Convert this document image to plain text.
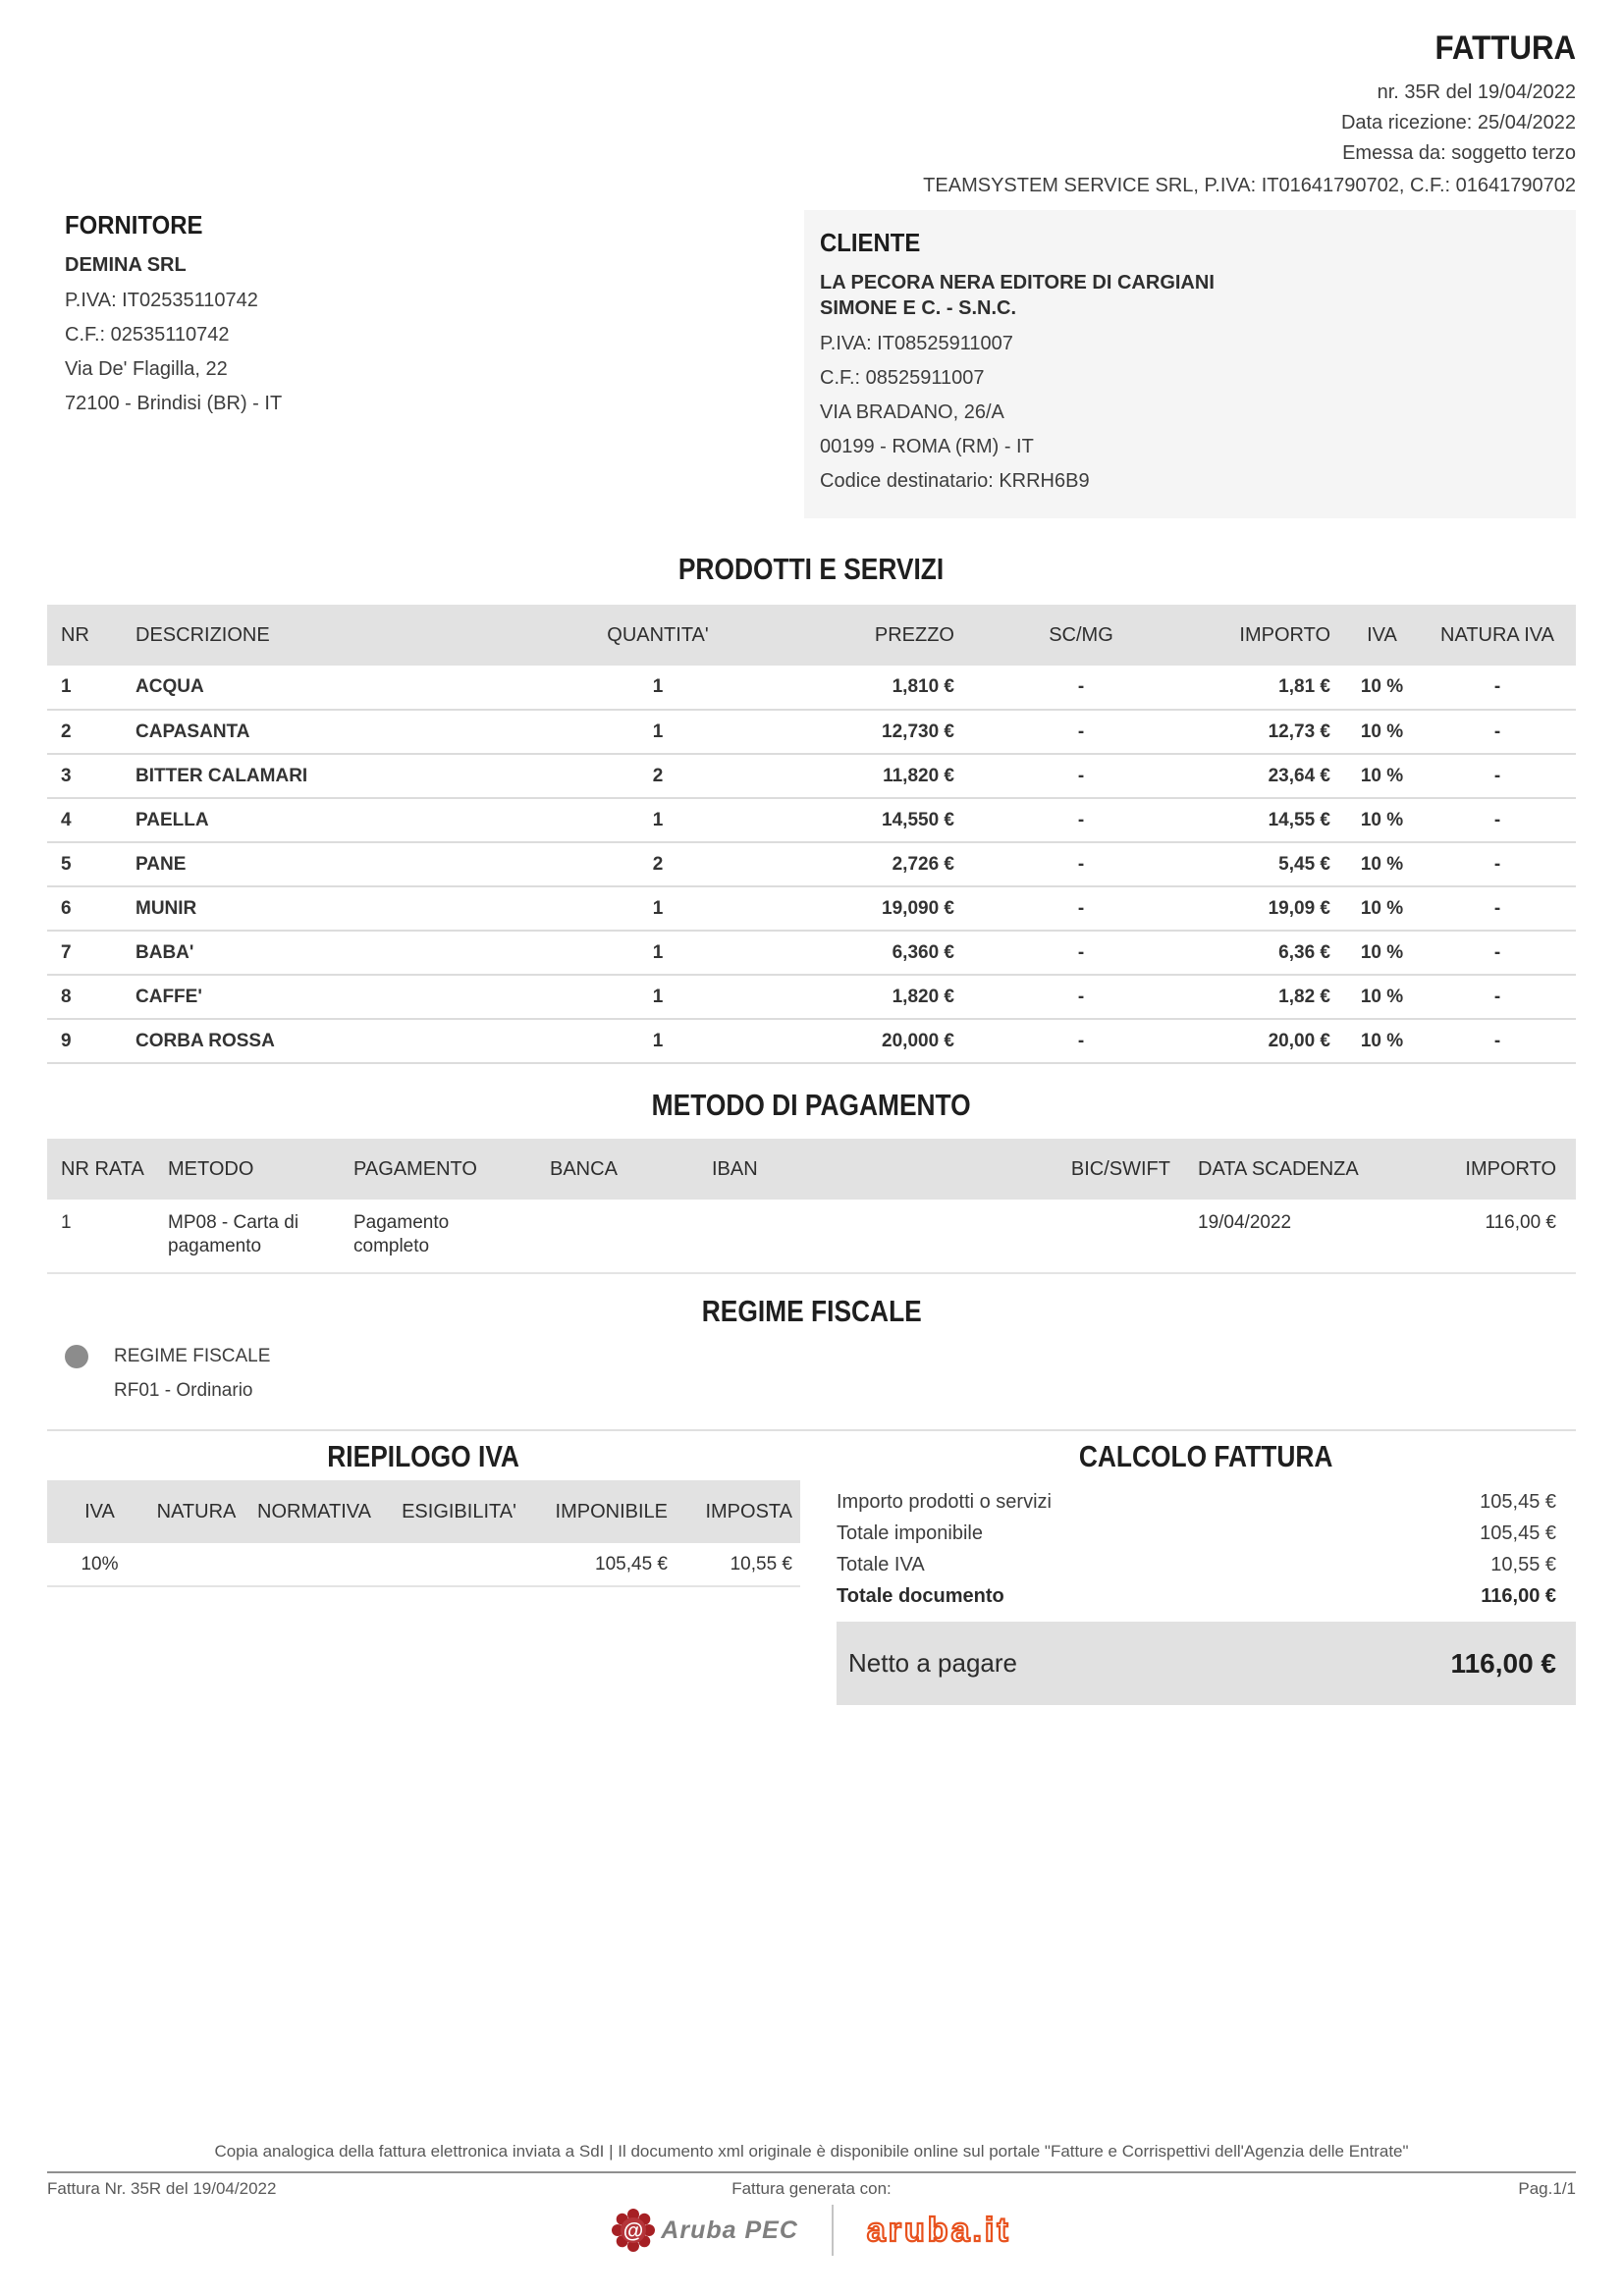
FATTURA
nr. 35R del 19/04/2022
Data ricezione: 25/04/2022
Emessa da: soggetto terzo
TEAMSYSTEM SERVICE SRL, P.IVA: IT01641790702, C.F.: 01641790702
FORNITORE
DEMINA SRL
P.IVA: IT02535110742
C.F.: 02535110742
Via De' Flagilla, 22
72100 - Brindisi (BR) - IT
CLIENTE
LA PECORA NERA EDITORE DI CARGIANI SIMONE E C. - S.N.C.
P.IVA: IT08525911007
C.F.: 08525911007
VIA BRADANO, 26/A
00199 - ROMA (RM) - IT
Codice destinatario: KRRH6B9
PRODOTTI E SERVIZI
NR	DESCRIZIONE	QUANTITA'	PREZZO	SC/MG	IMPORTO	IVA	NATURA IVA
1	ACQUA	1	1,810 €	-	1,81 €	10 %	-
2	CAPASANTA	1	12,730 €	-	12,73 €	10 %	-
3	BITTER CALAMARI	2	11,820 €	-	23,64 €	10 %	-
4	PAELLA	1	14,550 €	-	14,55 €	10 %	-
5	PANE	2	2,726 €	-	5,45 €	10 %	-
6	MUNIR	1	19,090 €	-	19,09 €	10 %	-
7	BABA'	1	6,360 €	-	6,36 €	10 %	-
8	CAFFE'	1	1,820 €	-	1,82 €	10 %	-
9	CORBA ROSSA	1	20,000 €	-	20,00 €	10 %	-
METODO DI PAGAMENTO
NR RATA	METODO	PAGAMENTO	BANCA	IBAN	BIC/SWIFT	DATA SCADENZA	IMPORTO
1	MP08 - Carta di pagamento	Pagamento completo				19/04/2022	116,00 €
REGIME FISCALE
REGIME FISCALE
RF01 - Ordinario
RIEPILOGO IVA
IVA	NATURA	NORMATIVA	ESIGIBILITA'	IMPONIBILE	IMPOSTA
10%				105,45 €	10,55 €
CALCOLO FATTURA
Importo prodotti o servizi	105,45 €
Totale imponibile	105,45 €
Totale IVA	10,55 €
Totale documento	116,00 €
Netto a pagare	116,00 €
Copia analogica della fattura elettronica inviata a SdI | Il documento xml originale è disponibile online sul portale "Fatture e Corrispettivi dell'Agenzia delle Entrate"
Fattura Nr. 35R del 19/04/2022	Fattura generata con:	Pag.1/1
@ Aruba PEC aruba.it
